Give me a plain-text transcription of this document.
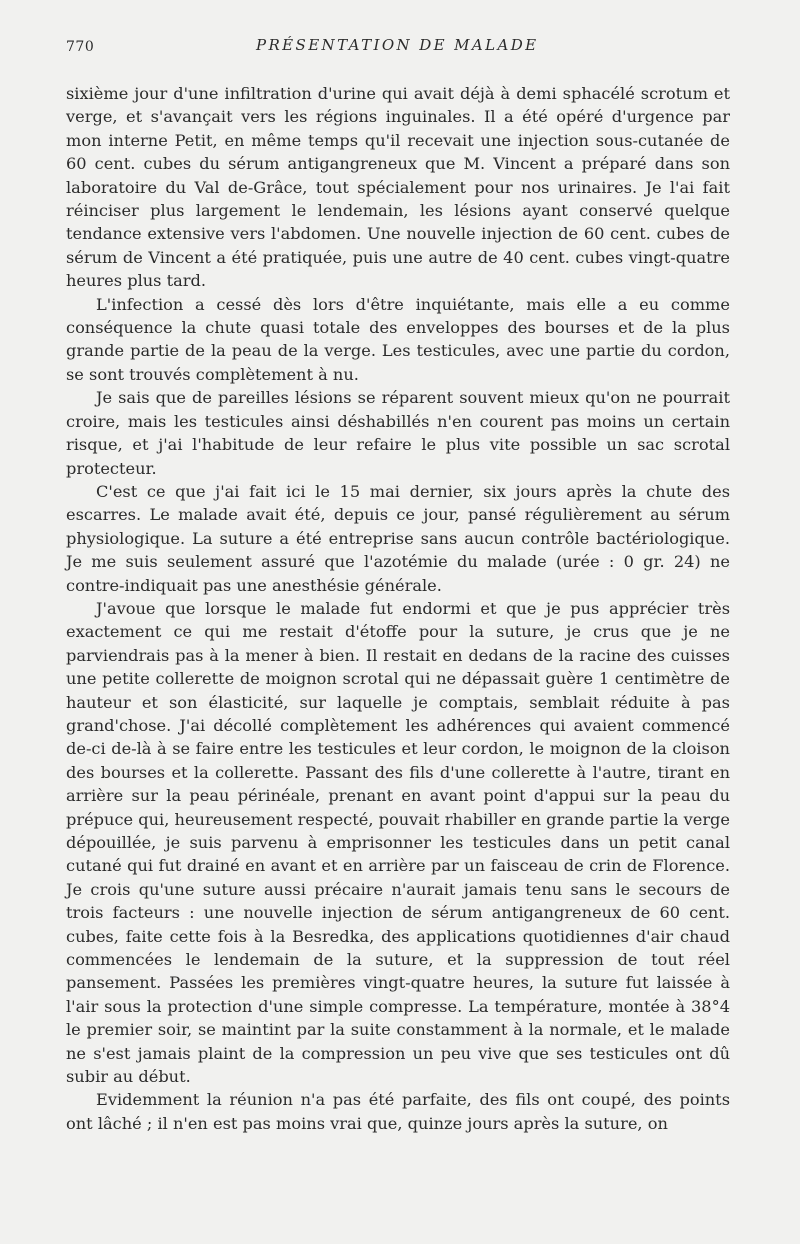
770	PRÉSENTATION DE MALADE

sixième jour d'une infiltration d'urine qui avait déjà à demi sphacélé scrotum et verge, et s'avançait vers les régions inguinales. Il a été opéré d'urgence par mon interne Petit, en même temps qu'il recevait une injection sous-cutanée de 60 cent. cubes du sérum antigangreneux que M. Vincent a préparé dans son laboratoire du Val de-Grâce, tout spécialement pour nos urinaires. Je l'ai fait réinciser plus largement le lendemain, les lésions ayant conservé quelque tendance extensive vers l'abdomen. Une nouvelle injection de 60 cent. cubes de sérum de Vincent a été pratiquée, puis une autre de 40 cent. cubes vingt-quatre heures plus tard.

L'infection a cessé dès lors d'être inquiétante, mais elle a eu comme conséquence la chute quasi totale des enveloppes des bourses et de la plus grande partie de la peau de la verge. Les testicules, avec une partie du cordon, se sont trouvés complètement à nu.

Je sais que de pareilles lésions se réparent souvent mieux qu'on ne pourrait croire, mais les testicules ainsi déshabillés n'en courent pas moins un certain risque, et j'ai l'habitude de leur refaire le plus vite possible un sac scrotal protecteur.

C'est ce que j'ai fait ici le 15 mai dernier, six jours après la chute des escarres. Le malade avait été, depuis ce jour, pansé régulièrement au sérum physiologique. La suture a été entreprise sans aucun contrôle bactériologique. Je me suis seulement assuré que l'azotémie du malade (urée : 0 gr. 24) ne contre-indiquait pas une anesthésie générale.

J'avoue que lorsque le malade fut endormi et que je pus apprécier très exactement ce qui me restait d'étoffe pour la suture, je crus que je ne parviendrais pas à la mener à bien. Il restait en dedans de la racine des cuisses une petite collerette de moignon scrotal qui ne dépassait guère 1 centimètre de hauteur et son élasticité, sur laquelle je comptais, semblait réduite à pas grand'chose. J'ai décollé complètement les adhérences qui avaient commencé de-ci de-là à se faire entre les testicules et leur cordon, le moignon de la cloison des bourses et la collerette. Passant des fils d'une collerette à l'autre, tirant en arrière sur la peau périnéale, prenant en avant point d'appui sur la peau du prépuce qui, heureusement respecté, pouvait rhabiller en grande partie la verge dépouillée, je suis parvenu à emprisonner les testicules dans un petit canal cutané qui fut drainé en avant et en arrière par un faisceau de crin de Florence. Je crois qu'une suture aussi précaire n'aurait jamais tenu sans le secours de trois facteurs : une nouvelle injection de sérum antigangreneux de 60 cent. cubes, faite cette fois à la Besredka, des applications quotidiennes d'air chaud commencées le lendemain de la suture, et la suppression de tout réel pansement. Passées les premières vingt-quatre heures, la suture fut laissée à l'air sous la protection d'une simple compresse. La température, montée à 38°4 le premier soir, se maintint par la suite constamment à la normale, et le malade ne s'est jamais plaint de la compression un peu vive que ses testicules ont dû subir au début.

Evidemment la réunion n'a pas été parfaite, des fils ont coupé, des points ont lâché ; il n'en est pas moins vrai que, quinze jours après la suture, on
